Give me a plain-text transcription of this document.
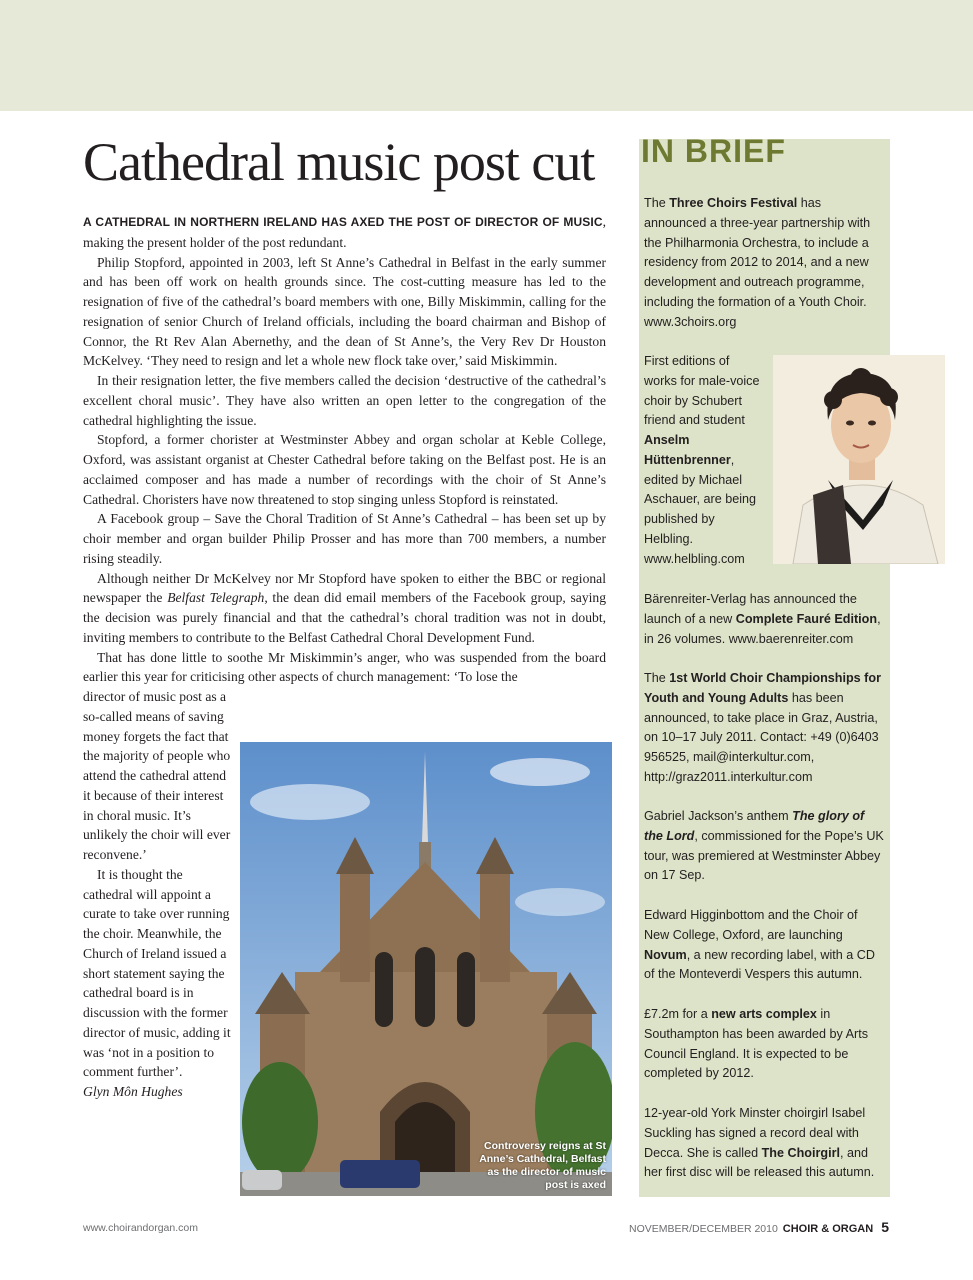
Cathedral music post cut

A CATHEDRAL IN NORTHERN IRELAND HAS AXED THE POST OF DIRECTOR OF MUSIC, making the present holder of the post redundant.

Philip Stopford, appointed in 2003, left St Anne’s Cathedral in Belfast in the early summer and has been off work on health grounds since. The cost-cutting measure has led to the resignation of five of the cathedral’s board members with one, Billy Miskimmin, calling for the resignation of senior Church of Ireland officials, including the board chairman and Bishop of Connor, the Rt Rev Alan Abernethy, and the dean of St Anne’s, the Very Rev Dr Houston McKelvey. ‘They need to resign and let a whole new flock take over,’ said Miskimmin.

In their resignation letter, the five members called the decision ‘destructive of the cathedral’s excellent choral music’. They have also written an open letter to the congregation of the cathedral highlighting the issue.

Stopford, a former chorister at Westminster Abbey and organ scholar at Keble College, Oxford, was assistant organist at Chester Cathedral before taking on the Belfast post. He is an acclaimed composer and has made a number of recordings with the choir of St Anne’s Cathedral. Choristers have now threatened to stop singing unless Stopford is reinstated.

A Facebook group – Save the Choral Tradition of St Anne’s Cathedral – has been set up by choir member and organ builder Philip Prosser and has more than 700 members, a number rising steadily.

Although neither Dr McKelvey nor Mr Stopford have spoken to either the BBC or regional newspaper the Belfast Telegraph, the dean did email members of the Facebook group, saying the decision was purely financial and that the cathedral’s choral tradition was not in doubt, inviting members to contribute to the Belfast Cathedral Choral Development Fund.

That has done little to soothe Mr Miskimmin’s anger, who was suspended from the board earlier this year for criticising other aspects of church management: ‘To lose the

director of music post as a so-called means of saving money forgets the fact that the majority of people who attend the cathedral attend it because of their interest in choral music. It’s unlikely the choir will ever reconvene.’

It is thought the cathedral will appoint a curate to take over running the choir. Meanwhile, the Church of Ireland issued a short statement saying the cathedral board is in discussion with the former director of music, adding it was ‘not in a position to comment further’.

Glyn Môn Hughes

Controversy reigns at St Anne’s Cathedral, Belfast as the director of music post is axed
IN BRIEF

The Three Choirs Festival has announced a three-year partnership with the Philharmonia Orchestra, to include a residency from 2012 to 2014, and a new development and outreach programme, including the formation of a Youth Choir. www.3choirs.org

First editions of works for male-voice choir by Schubert friend and student Anselm Hüttenbrenner, edited by Michael Aschauer, are being published by Helbling. www.helbling.com

Bärenreiter-Verlag has announced the launch of a new Complete Fauré Edition, in 26 volumes. www.baerenreiter.com

The 1st World Choir Championships for Youth and Young Adults has been announced, to take place in Graz, Austria, on 10–17 July 2011. Contact: +49 (0)6403 956525, mail@interkultur.com, http://graz2011.interkultur.com

Gabriel Jackson’s anthem The glory of the Lord, commissioned for the Pope’s UK tour, was premiered at Westminster Abbey on 17 Sep.

Edward Higginbottom and the Choir of New College, Oxford, are launching Novum, a new recording label, with a CD of the Monteverdi Vespers this autumn.

£7.2m for a new arts complex in Southampton has been awarded by Arts Council England. It is expected to be completed by 2012.

12-year-old York Minster choirgirl Isabel Suckling has signed a record deal with Decca. She is called The Choirgirl, and her first disc will be released this autumn.

www.choirandorgan.com	NOVEMBER/DECEMBER 2010 CHOIR & ORGAN 5
